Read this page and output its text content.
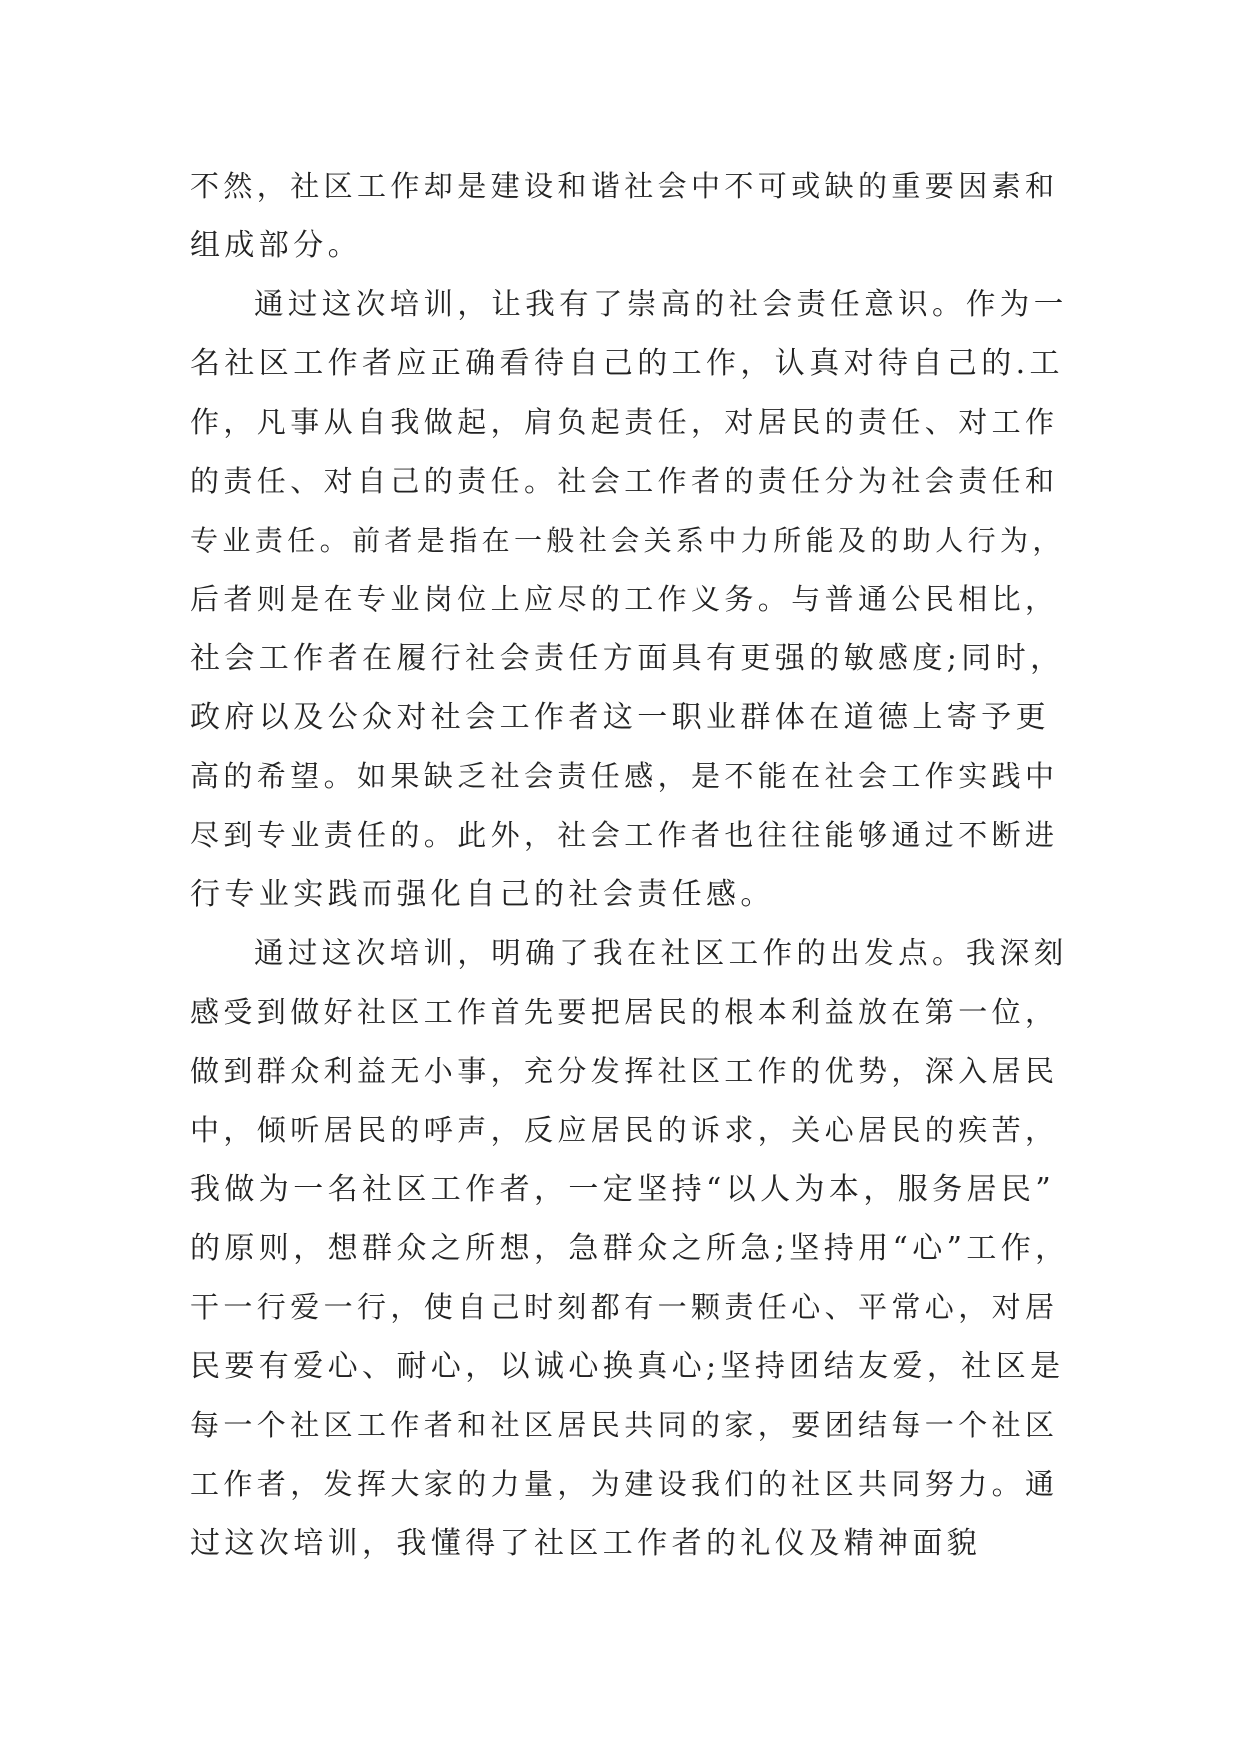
不然，社区工作却是建设和谐社会中不可或缺的重要因素和
组成部分。
通过这次培训，让我有了崇高的社会责任意识。作为一
名社区工作者应正确看待自己的工作，认真对待自己的.工
作，凡事从自我做起，肩负起责任，对居民的责任、对工作
的责任、对自己的责任。社会工作者的责任分为社会责任和
专业责任。前者是指在一般社会关系中力所能及的助人行为，
后者则是在专业岗位上应尽的工作义务。与普通公民相比，
社会工作者在履行社会责任方面具有更强的敏感度;同时，
政府以及公众对社会工作者这一职业群体在道德上寄予更
高的希望。如果缺乏社会责任感，是不能在社会工作实践中
尽到专业责任的。此外，社会工作者也往往能够通过不断进
行专业实践而强化自己的社会责任感。
通过这次培训，明确了我在社区工作的出发点。我深刻
感受到做好社区工作首先要把居民的根本利益放在第一位，
做到群众利益无小事，充分发挥社区工作的优势，深入居民
中，倾听居民的呼声，反应居民的诉求，关心居民的疾苦，
我做为一名社区工作者，一定坚持“以人为本，服务居民”
的原则，想群众之所想，急群众之所急;坚持用“心”工作，
干一行爱一行，使自己时刻都有一颗责任心、平常心，对居
民要有爱心、耐心，以诚心换真心;坚持团结友爱，社区是
每一个社区工作者和社区居民共同的家，要团结每一个社区
工作者，发挥大家的力量，为建设我们的社区共同努力。通
过这次培训，我懂得了社区工作者的礼仪及精神面貌
